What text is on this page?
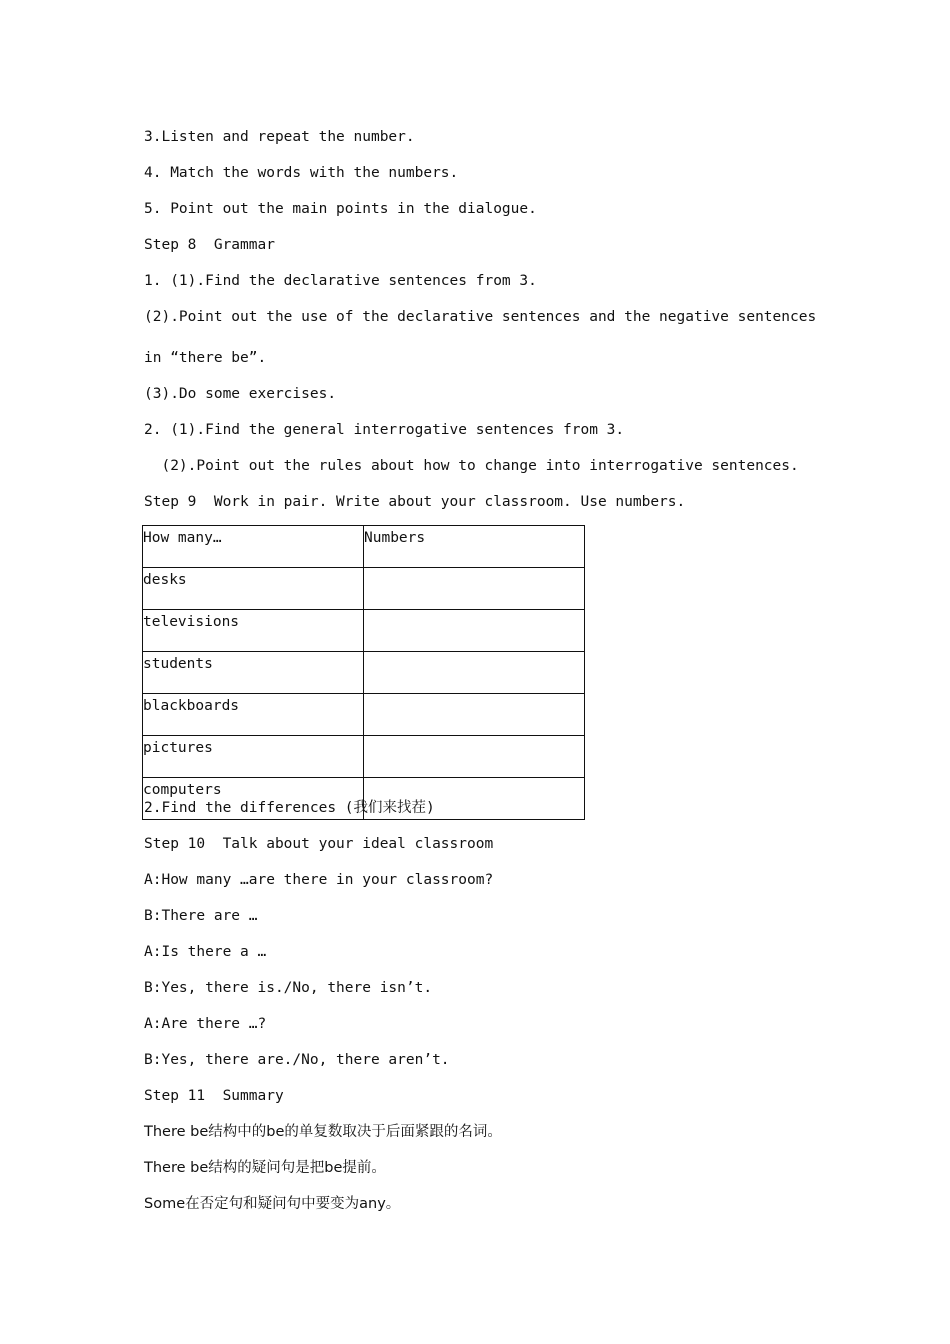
3.Listen and repeat the number.
4. Match the words with the numbers.
5. Point out the main points in the dialogue.
Step 8  Grammar
1. (1).Find the declarative sentences from 3.
(2).Point out the use of the declarative sentences and the negative sentences
in “there be”.
(3).Do some exercises.
2. (1).Find the general interrogative sentences from 3.
(2).Point out the rules about how to change into interrogative sentences.
Step 9  Work in pair. Write about your classroom. Use numbers.
How many…	Numbers
desks	
televisions	
students	
blackboards	
pictures	
computers	
2.Find the differences (我们来找茬)
Step 10  Talk about your ideal classroom
A:How many …are there in your classroom?
B:There are …
A:Is there a …
B:Yes, there is./No, there isn’t.
A:Are there …?
B:Yes, there are./No, there aren’t.
Step 11  Summary
There be结构中的be的单复数取决于后面紧跟的名词。
There be结构的疑问句是把be提前。
Some在否定句和疑问句中要变为any。
